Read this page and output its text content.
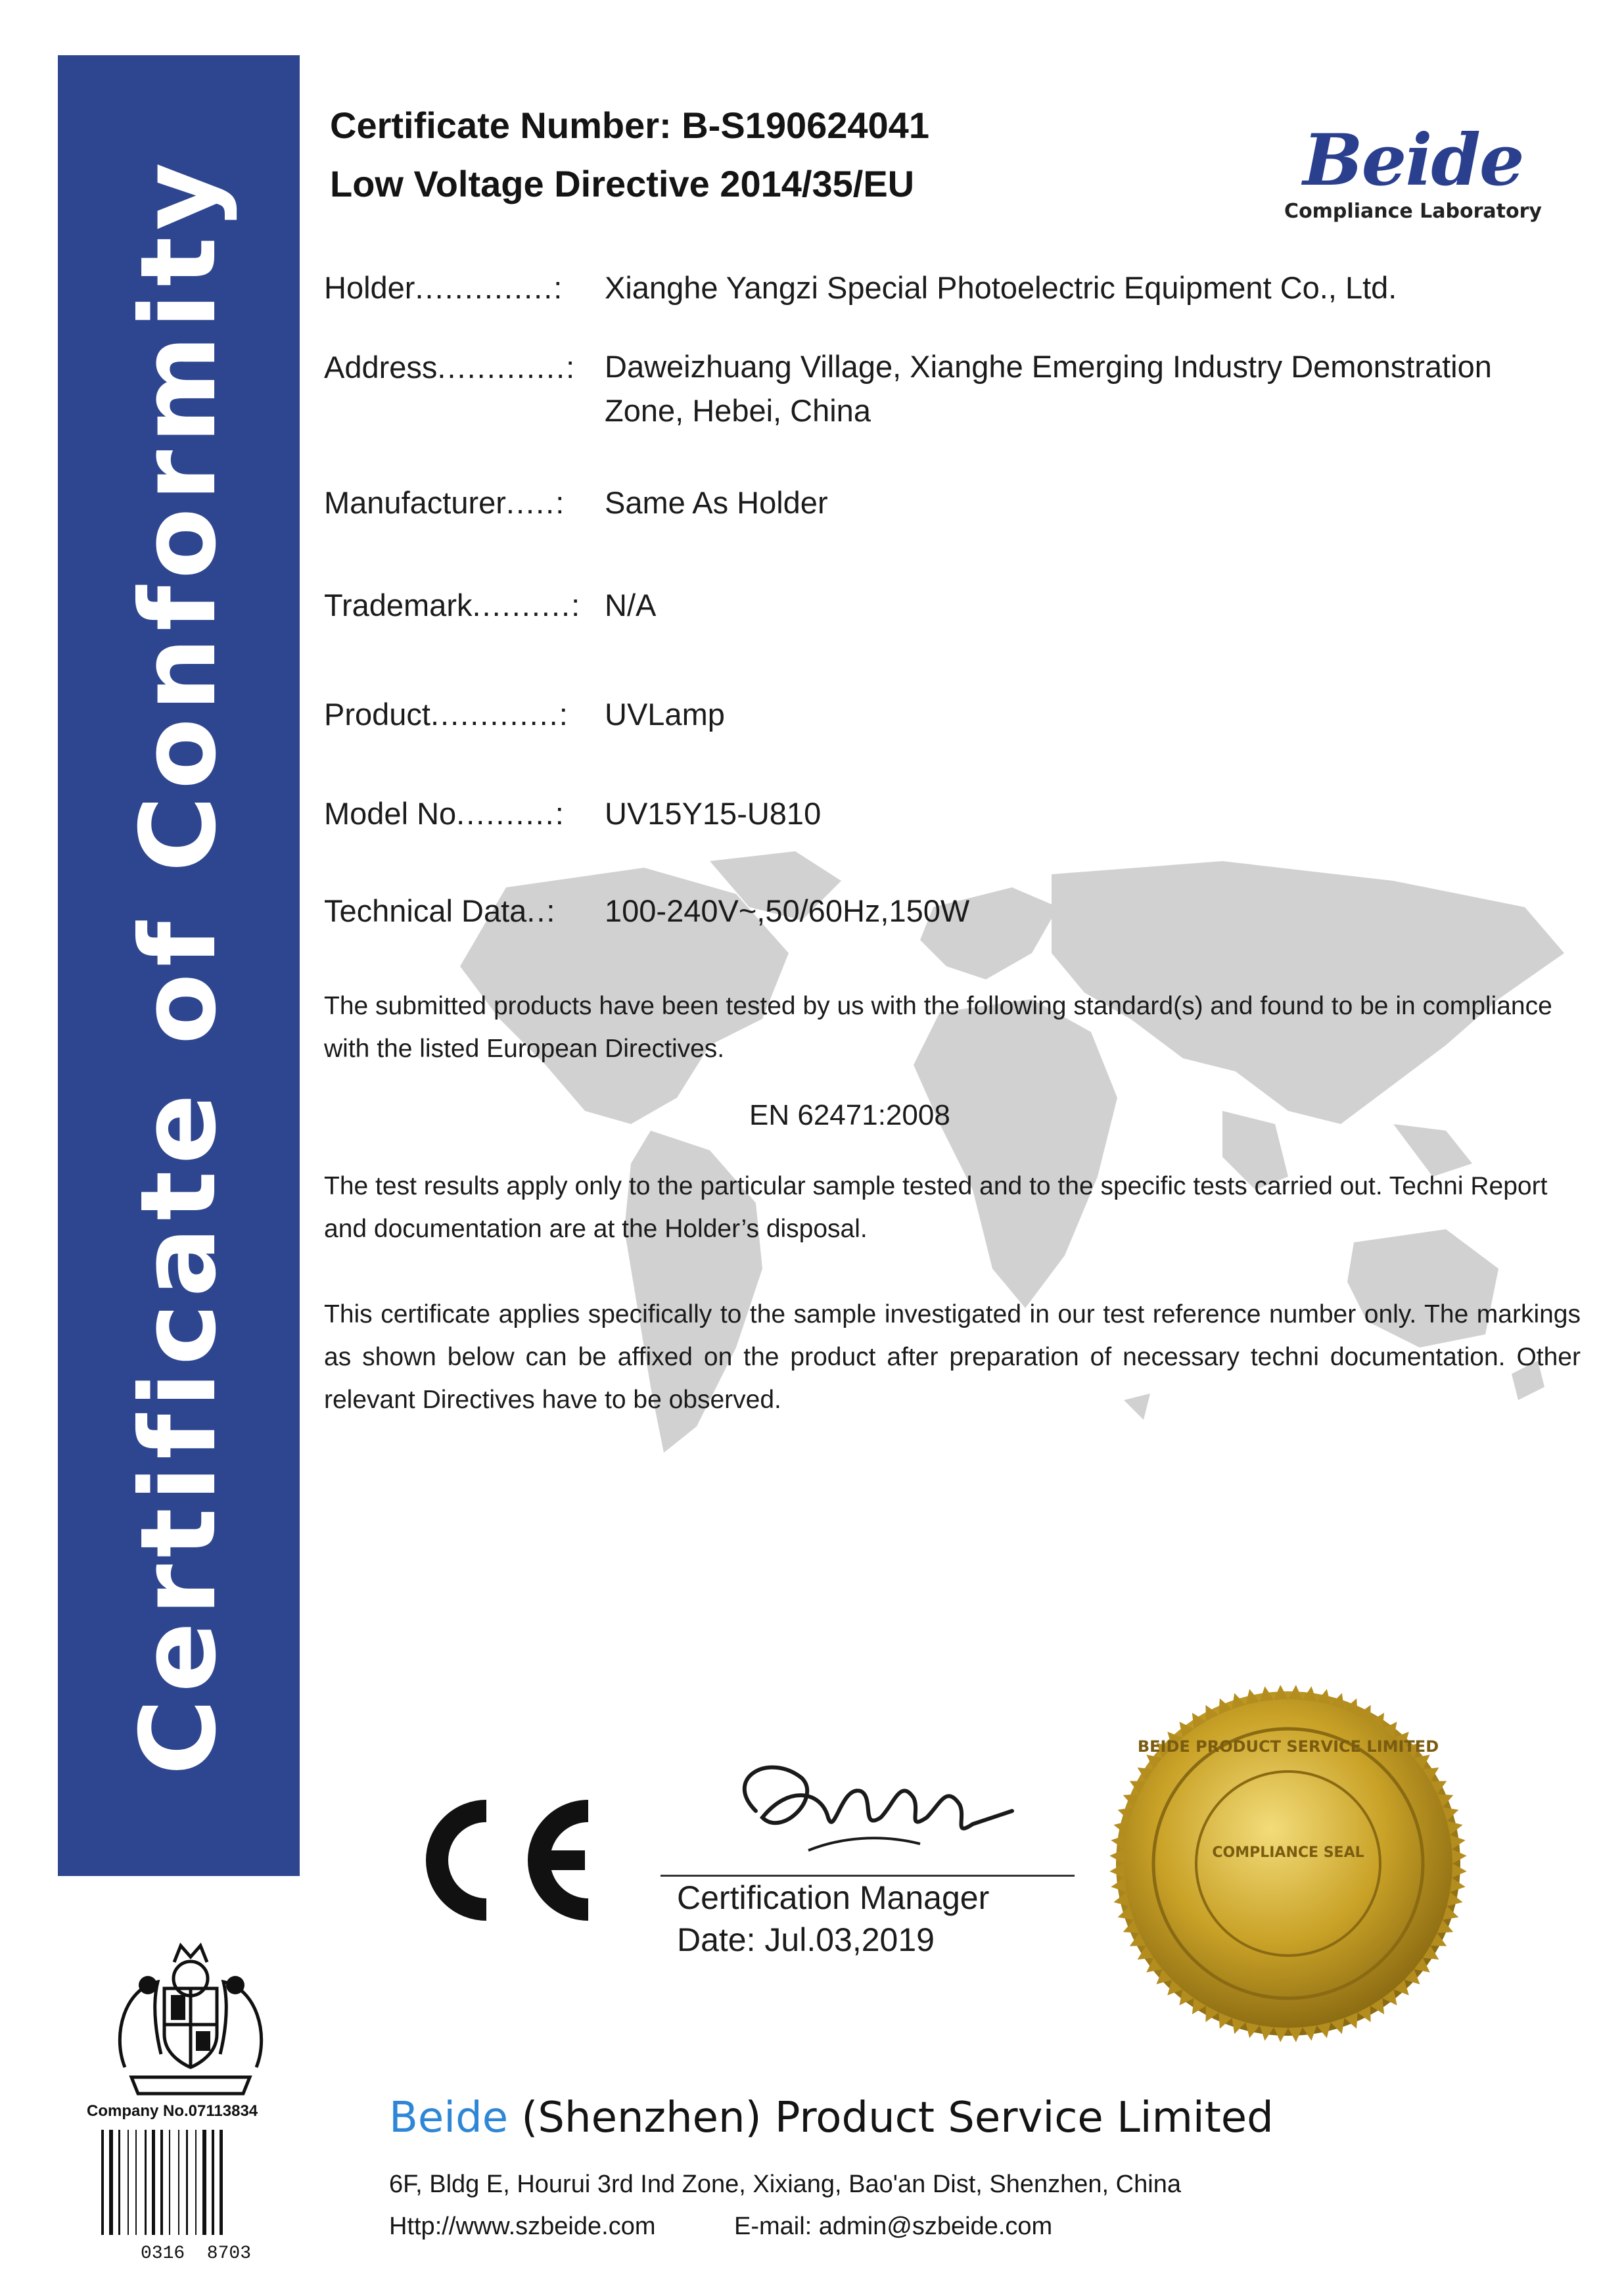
Certificate of Conformity
Certificate Number: B-S190624041
Low Voltage Directive 2014/35/EU	Beide
Compliance Laboratory
Holder..............: Xianghe Yangzi Special Photoelectric Equipment Co., Ltd.
Address.............: Daweizhuang Village, Xianghe Emerging Industry Demonstration Zone, Hebei, China
Manufacturer.....: Same As Holder
Trademark..........: N/A
Product.............: UVLamp
Model No..........: UV15Y15-U810
Technical Data..: 100-240V~,50/60Hz,150W
The submitted products have been tested by us with the following standard(s) and found to be in compliance with the listed European Directives.
EN 62471:2008
The test results apply only to the particular sample tested and to the specific tests carried out. Techni Report and documentation are at the Holder’s disposal.
This certificate applies specifically to the sample investigated in our test reference number only. The markings as shown below can be affixed on the product after preparation of necessary techni documentation. Other relevant Directives have to be observed.
Certification Manager
Date: Jul.03,2019
COMPLIANCE SEAL
BEIDE PRODUCT SERVICE LIMITED
Company No.07113834
0316  8703
Beide (Shenzhen) Product Service Limited
6F, Bldg E, Hourui 3rd Ind Zone, Xixiang, Bao'an Dist, Shenzhen, China
Http://www.szbeide.com	E-mail: admin@szbeide.com
